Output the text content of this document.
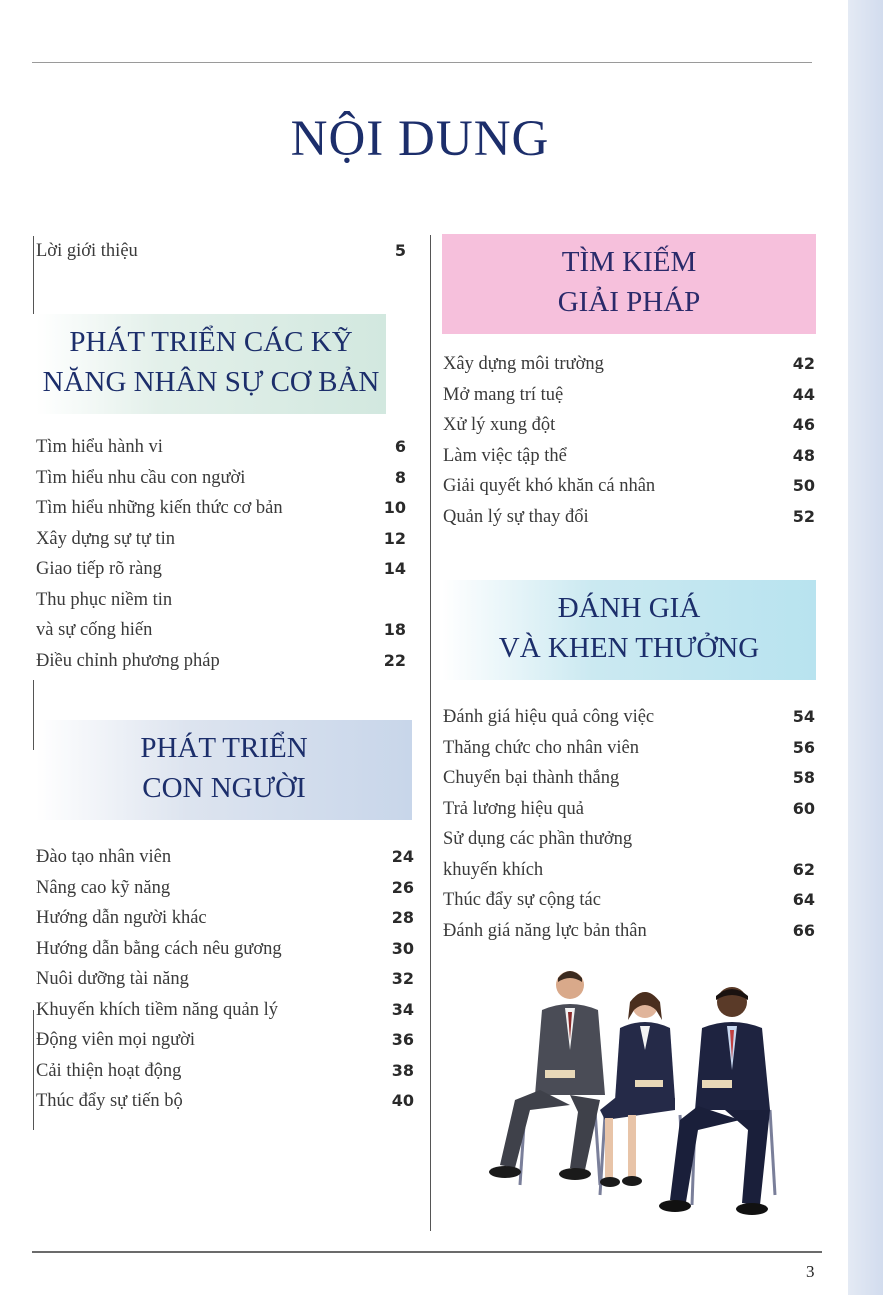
NỘI DUNG
Lời giới thiệu	5
PHÁT TRIỂN CÁC KỸ
NĂNG NHÂN SỰ CƠ BẢN
Tìm hiểu hành vi	6
Tìm hiểu nhu cầu con người	8
Tìm hiểu những kiến thức cơ bản	10
Xây dựng sự tự tin	12
Giao tiếp rõ ràng	14
Thu phục niềm tin
và sự cống hiến	18
Điều chỉnh phương pháp	22
PHÁT TRIỂN
CON NGƯỜI
Đào tạo nhân viên	24
Nâng cao kỹ năng	26
Hướng dẫn người khác	28
Hướng dẫn bằng cách nêu gương	30
Nuôi dưỡng tài năng	32
Khuyến khích tiềm năng quản lý	34
Động viên mọi người	36
Cải thiện hoạt động	38
Thúc đẩy sự tiến bộ	40
TÌM KIẾM
GIẢI PHÁP
Xây dựng môi trường	42
Mở mang trí tuệ	44
Xử lý xung đột	46
Làm việc tập thể	48
Giải quyết khó khăn cá nhân	50
Quản lý sự thay đổi	52
ĐÁNH GIÁ
VÀ KHEN THƯỞNG
Đánh giá hiệu quả công việc	54
Thăng chức cho nhân viên	56
Chuyển bại thành thắng	58
Trả lương hiệu quả	60
Sử dụng các phần thưởng
khuyến khích	62
Thúc đẩy sự cộng tác	64
Đánh giá năng lực bản thân	66
3
